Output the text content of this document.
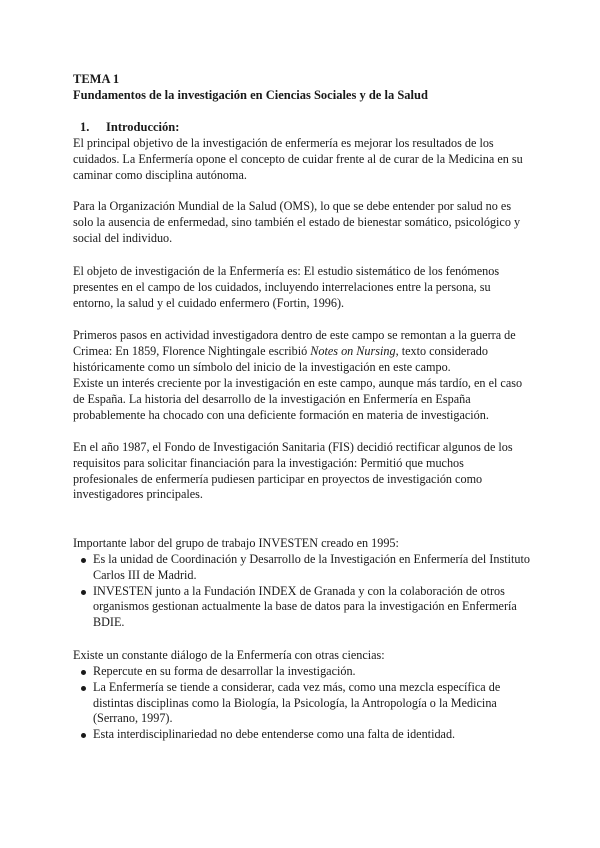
TEMA 1
Fundamentos de la investigación en Ciencias Sociales y de la Salud
1. Introducción:

El principal objetivo de la investigación de enfermería es mejorar los resultados de los cuidados. La Enfermería opone el concepto de cuidar frente al de curar de la Medicina en su caminar como disciplina autónoma.

Para la Organización Mundial de la Salud (OMS), lo que se debe entender por salud no es solo la ausencia de enfermedad, sino también el estado de bienestar somático, psicológico y social del individuo.

El objeto de investigación de la Enfermería es: El estudio sistemático de los fenómenos presentes en el campo de los cuidados, incluyendo interrelaciones entre la persona, su entorno, la salud y el cuidado enfermero (Fortin, 1996).

Primeros pasos en actividad investigadora dentro de este campo se remontan a la guerra de Crimea: En 1859, Florence Nightingale escribió Notes on Nursing, texto considerado históricamente como un símbolo del inicio de la investigación en este campo.

Existe un interés creciente por la investigación en este campo, aunque más tardío, en el caso de España. La historia del desarrollo de la investigación en Enfermería en España probablemente ha chocado con una deficiente formación en materia de investigación.

En el año 1987, el Fondo de Investigación Sanitaria (FIS) decidió rectificar algunos de los requisitos para solicitar financiación para la investigación: Permitió que muchos profesionales de enfermería pudiesen participar en proyectos de investigación como investigadores principales.

Importante labor del grupo de trabajo INVESTEN creado en 1995:

Es la unidad de Coordinación y Desarrollo de la Investigación en Enfermería del Instituto Carlos III de Madrid.
INVESTEN junto a la Fundación INDEX de Granada y con la colaboración de otros organismos gestionan actualmente la base de datos para la investigación en Enfermería BDIE.

Existe un constante diálogo de la Enfermería con otras ciencias:

Repercute en su forma de desarrollar la investigación.
La Enfermería se tiende a considerar, cada vez más, como una mezcla específica de distintas disciplinas como la Biología, la Psicología, la Antropología o la Medicina (Serrano, 1997).
Esta interdisciplinariedad no debe entenderse como una falta de identidad.
